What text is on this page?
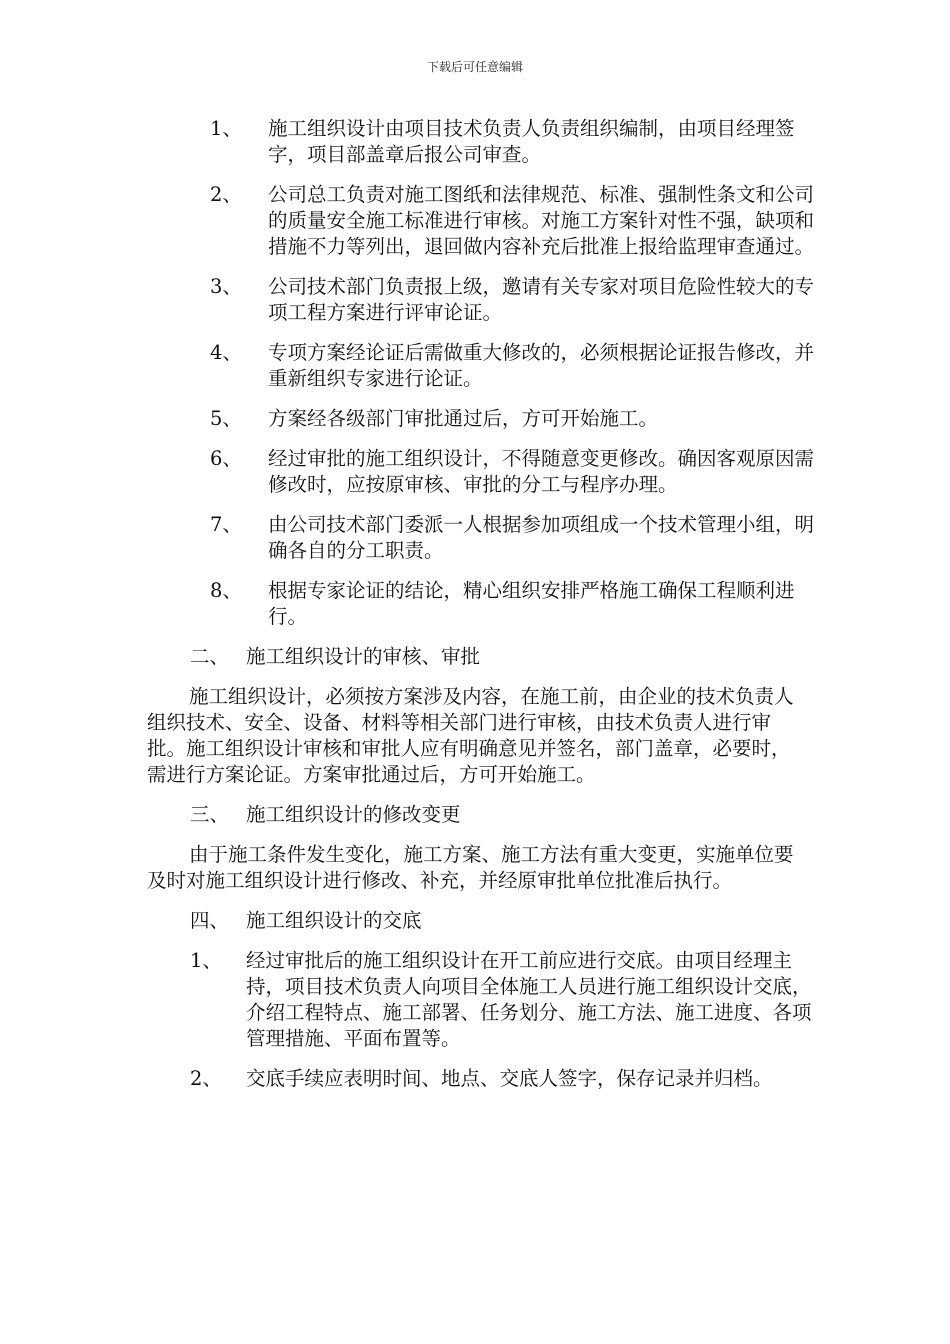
下载后可任意编辑
1、 施工组织设计由项目技术负责人负责组织编制，由项目经理签字，项目部盖章后报公司审查。
2、 公司总工负责对施工图纸和法律规范、标准、强制性条文和公司的质量安全施工标准进行审核。对施工方案针对性不强，缺项和措施不力等列出，退回做内容补充后批准上报给监理审查通过。
3、 公司技术部门负责报上级，邀请有关专家对项目危险性较大的专项工程方案进行评审论证。
4、 专项方案经论证后需做重大修改的，必须根据论证报告修改，并重新组织专家进行论证。
5、 方案经各级部门审批通过后，方可开始施工。
6、 经过审批的施工组织设计，不得随意变更修改。确因客观原因需修改时，应按原审核、审批的分工与程序办理。
7、 由公司技术部门委派一人根据参加项组成一个技术管理小组，明确各自的分工职责。
8、 根据专家论证的结论，精心组织安排严格施工确保工程顺利进行。
二、 施工组织设计的审核、审批

施工组织设计，必须按方案涉及内容，在施工前，由企业的技术负责人组织技术、安全、设备、材料等相关部门进行审核，由技术负责人进行审批。施工组织设计审核和审批人应有明确意见并签名，部门盖章，必要时，需进行方案论证。方案审批通过后，方可开始施工。

三、 施工组织设计的修改变更

由于施工条件发生变化，施工方案、施工方法有重大变更，实施单位要及时对施工组织设计进行修改、补充，并经原审批单位批准后执行。

四、 施工组织设计的交底
1、 经过审批后的施工组织设计在开工前应进行交底。由项目经理主持，项目技术负责人向项目全体施工人员进行施工组织设计交底，介绍工程特点、施工部署、任务划分、施工方法、施工进度、各项管理措施、平面布置等。
2、 交底手续应表明时间、地点、交底人签字，保存记录并归档。
